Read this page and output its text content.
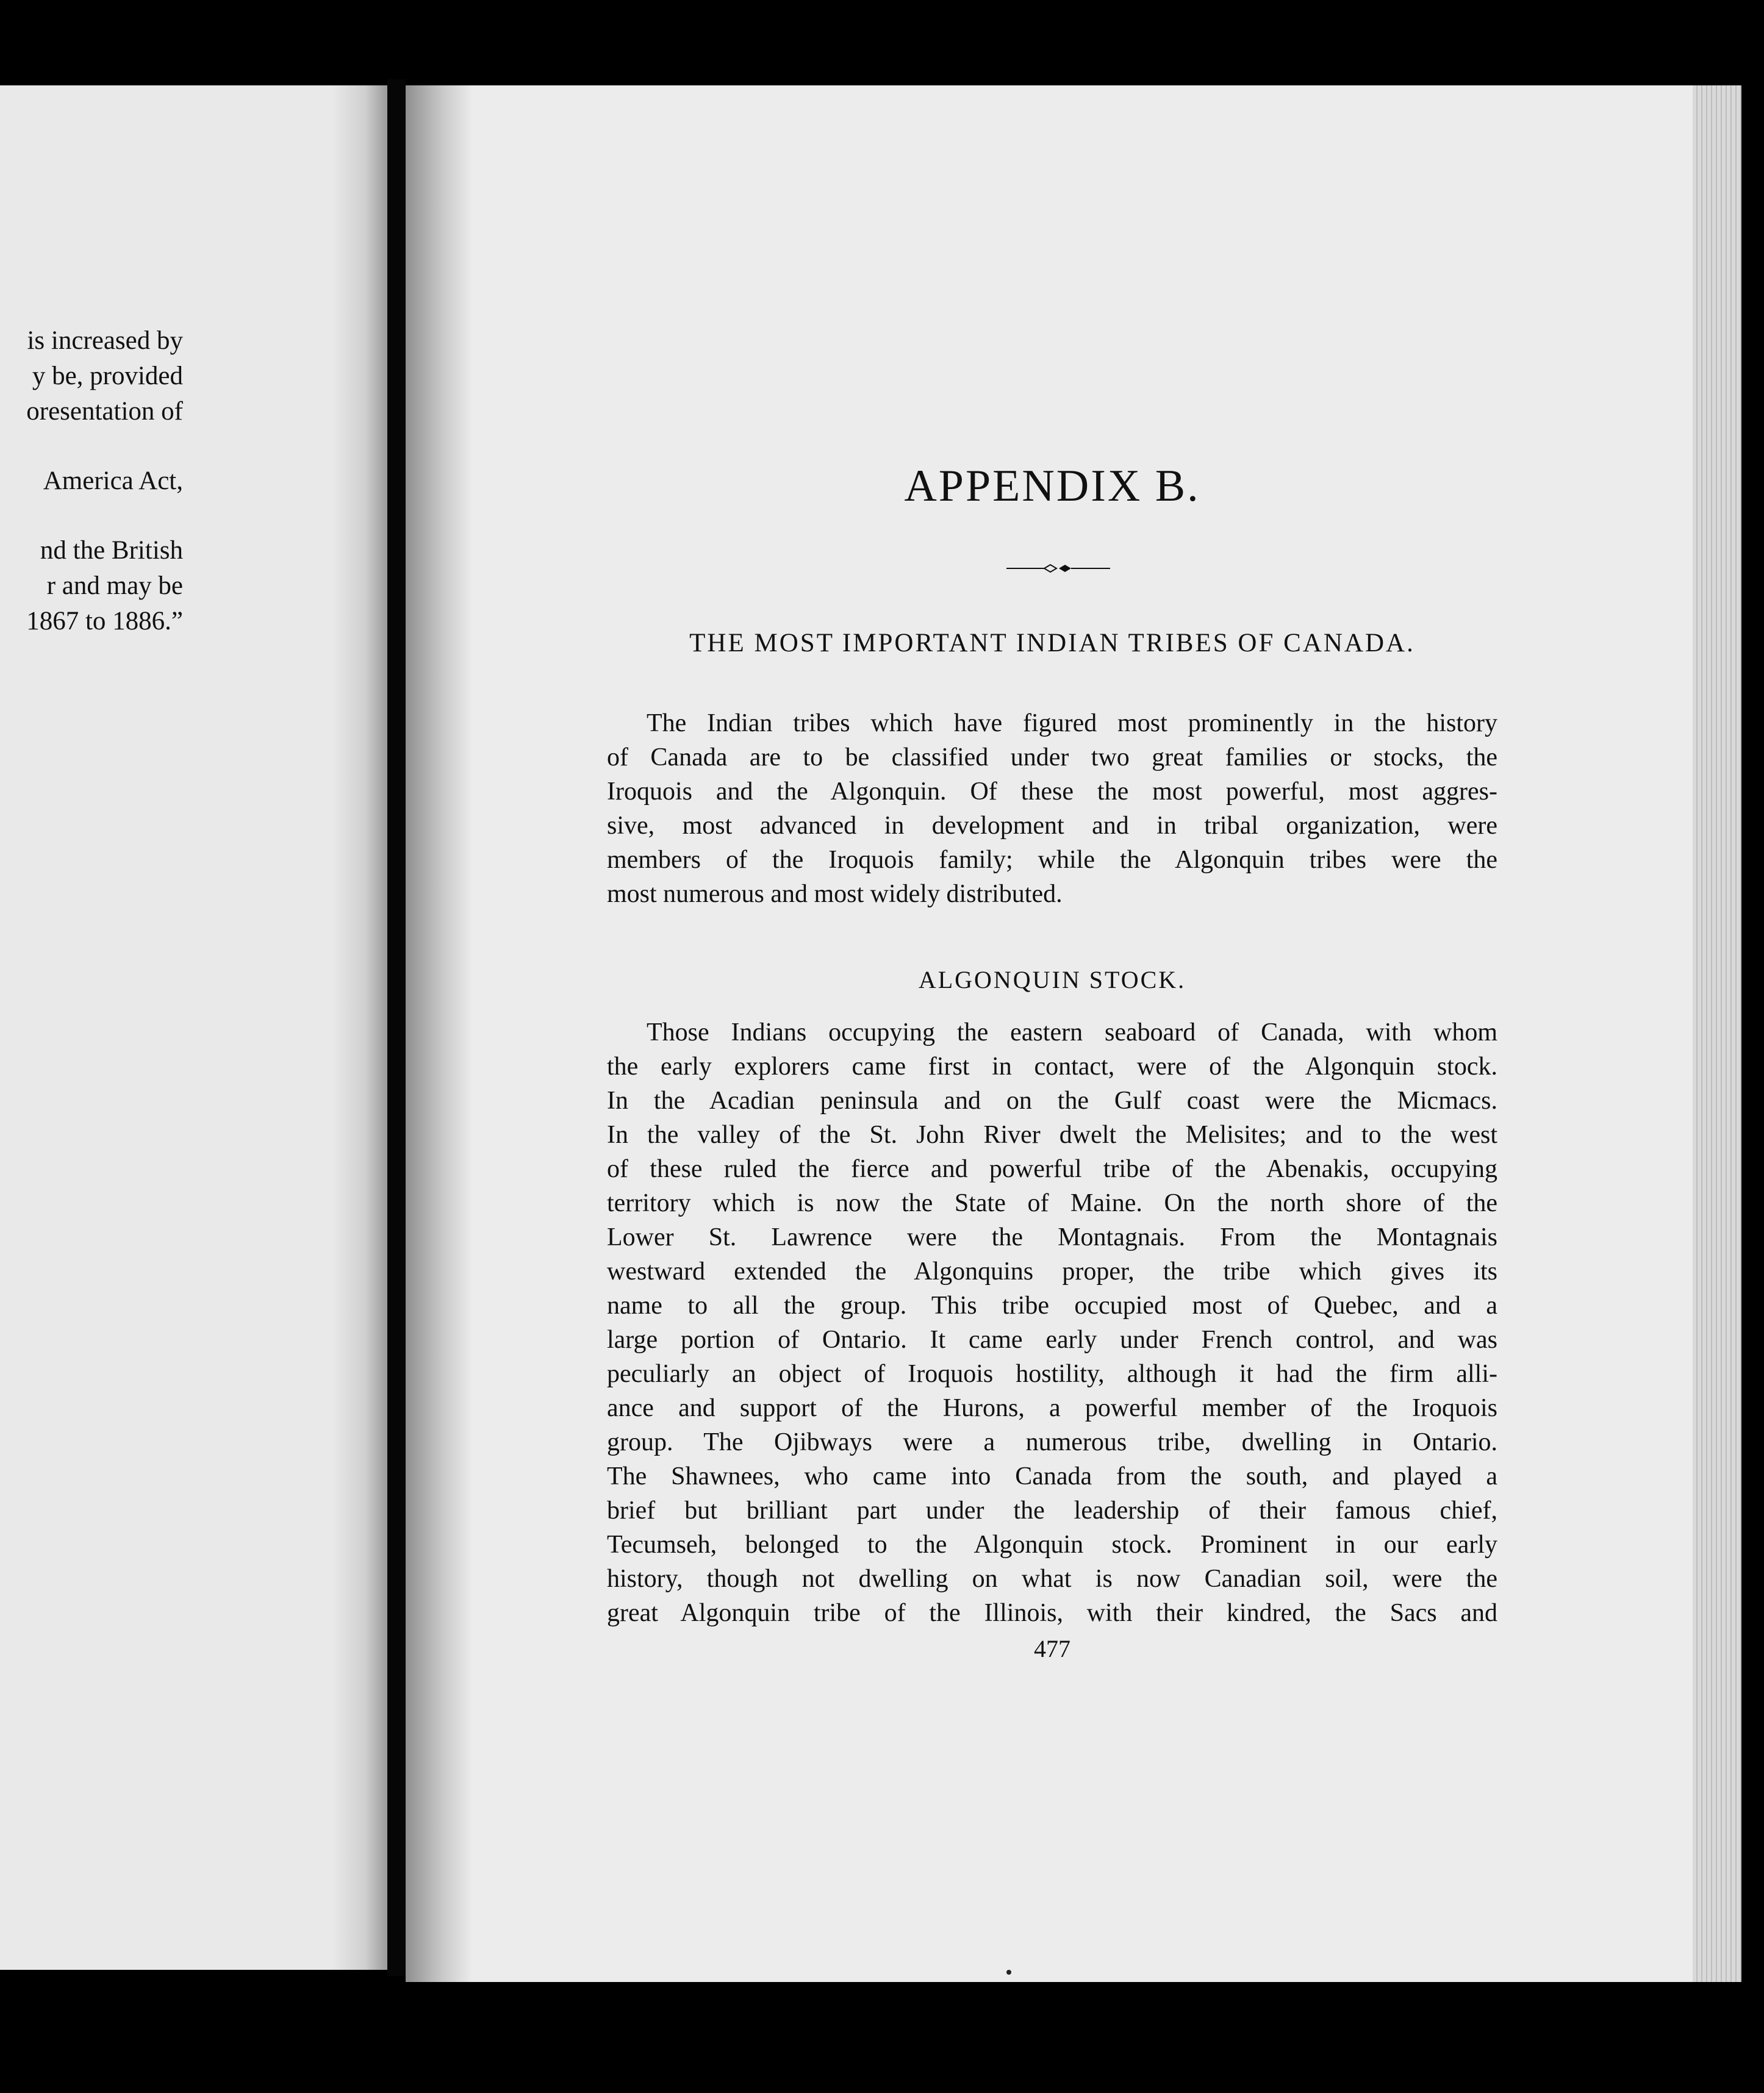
is increased by
y be, provided
oresentation of
America Act,
nd the British
r and may be
1867 to 1886.”
APPENDIX B.
THE MOST IMPORTANT INDIAN TRIBES OF CANADA.
The Indian tribes which have figured most prominently in the history
of Canada are to be classified under two great families or stocks, the
Iroquois and the Algonquin. Of these the most powerful, most aggres-
sive, most advanced in development and in tribal organization, were
members of the Iroquois family; while the Algonquin tribes were the
most numerous and most widely distributed.
ALGONQUIN STOCK.
Those Indians occupying the eastern seaboard of Canada, with whom
the early explorers came first in contact, were of the Algonquin stock.
In the Acadian peninsula and on the Gulf coast were the Micmacs.
In the valley of the St. John River dwelt the Melisites; and to the west
of these ruled the fierce and powerful tribe of the Abenakis, occupying
territory which is now the State of Maine. On the north shore of the
Lower St. Lawrence were the Montagnais. From the Montagnais
westward extended the Algonquins proper, the tribe which gives its
name to all the group. This tribe occupied most of Quebec, and a
large portion of Ontario. It came early under French control, and was
peculiarly an object of Iroquois hostility, although it had the firm alli-
ance and support of the Hurons, a powerful member of the Iroquois
group. The Ojibways were a numerous tribe, dwelling in Ontario.
The Shawnees, who came into Canada from the south, and played a
brief but brilliant part under the leadership of their famous chief,
Tecumseh, belonged to the Algonquin stock. Prominent in our early
history, though not dwelling on what is now Canadian soil, were the
great Algonquin tribe of the Illinois, with their kindred, the Sacs and
477
